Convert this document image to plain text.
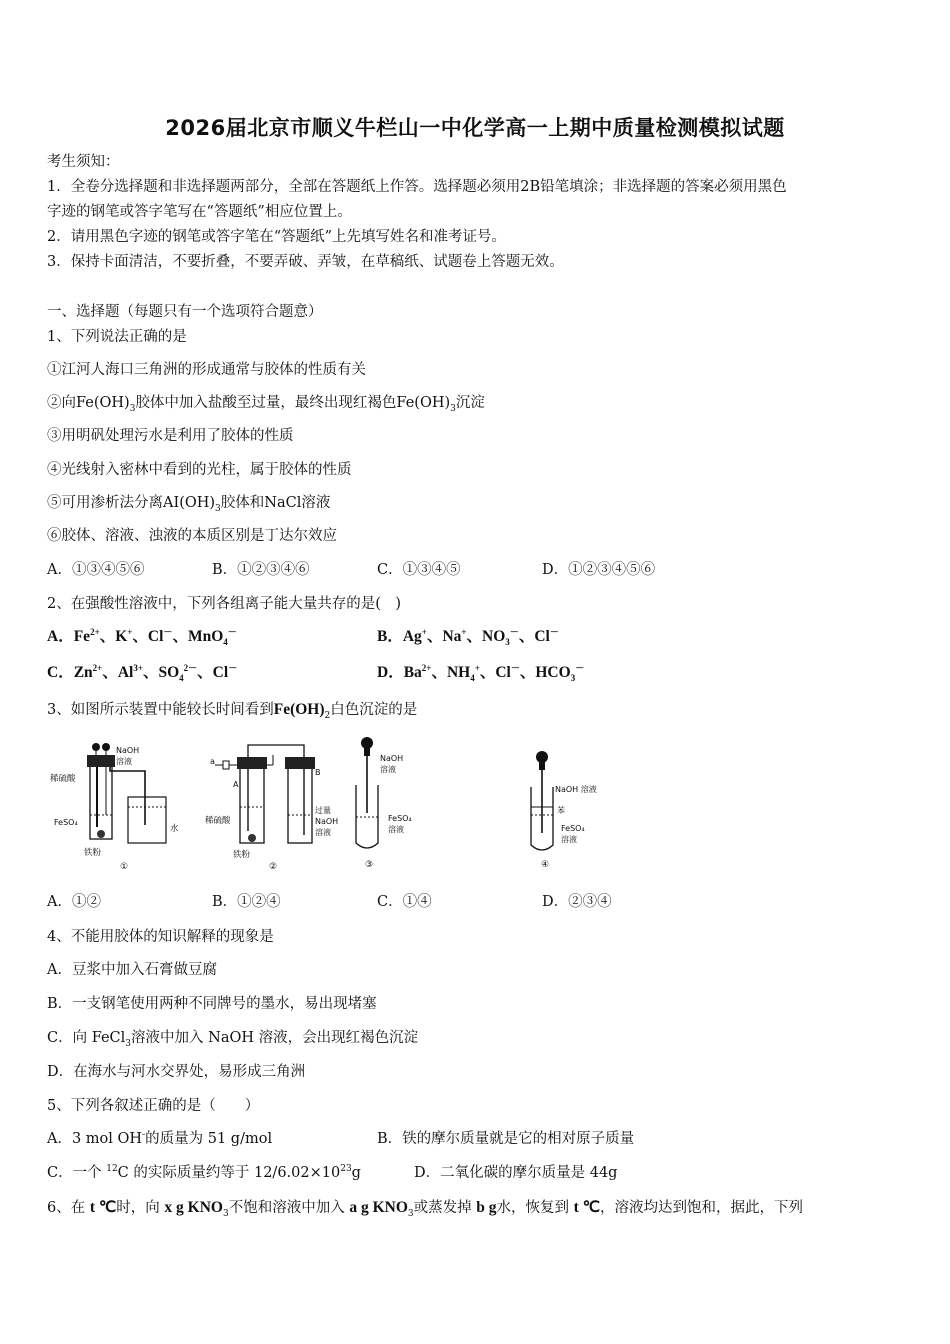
2026届北京市顺义牛栏山一中化学高一上期中质量检测模拟试题
考生须知：
1．全卷分选择题和非选择题两部分，全部在答题纸上作答。选择题必须用2B铅笔填涂；非选择题的答案必须用黑色
字迹的钢笔或答字笔写在“答题纸”相应位置上。
2．请用黑色字迹的钢笔或答字笔在“答题纸”上先填写姓名和准考证号。
3．保持卡面清洁，不要折叠，不要弄破、弄皱，在草稿纸、试题卷上答题无效。
一、选择题（每题只有一个选项符合题意）
1、下列说法正确的是
①江河人海口三角洲的形成通常与胶体的性质有关
②向$Fe(OH)_3$胶体中加入盐酸至过量，最终出现红褐色$Fe(OH)_3$沉淀
③用明矾处理污水是利用了胶体的性质
④光线射入密林中看到的光柱，属于胶体的性质
⑤可用渗析法分离$AI(OH)_3$胶体和NaCl溶液
⑥胶体、溶液、浊液的本质区别是丁达尔效应
A．①③④⑤⑥	B．①②③④⑥	C．①③④⑤	D．①②③④⑤⑥
2、在强酸性溶液中，下列各组离子能大量共存的是(　)
A．$Fe^{2+}$、K+、Cl－、MnO$_4$－	B．Ag+、Na+、$NO_3^-$、Cl－
C．$Zn^{2+}$、$Al^{3+}$、$SO_4^{2-}$、Cl－	D．$Ba^{2+}$、$NH_4^+$、Cl－、$HCO_3^-$
3、如图所示装置中能较长时间看到$Fe(OH)_2$白色沉淀的是
稀硫酸
NaOH
溶液
FeSO₄
铁粉
水
①
a
A
B
稀硫酸
铁粉
过量
NaOH
溶液
②
NaOH
溶液
FeSO₄
溶液
③
NaOH 溶液
苯
FeSO₄
溶液
④
A．①②	B．①②④	C．①④	D．②③④
4、不能用胶体的知识解释的现象是
A．豆浆中加入石膏做豆腐
B．一支钢笔使用两种不同牌号的墨水，易出现堵塞
C．向 FeCl$_3$溶液中加入 NaOH 溶液，会出现红褐色沉淀
D．在海水与河水交界处，易形成三角洲
5、下列各叙述正确的是（　　）
A．3 mol OH-的质量为 51 g/mol	B．铁的摩尔质量就是它的相对原子质量
C．一个 $^{12}$C 的实际质量约等于 $12/6.02\times 10^{23}g$	D．二氧化碳的摩尔质量是 44g
6、在 t ℃时，向 x g $KNO_3$不饱和溶液中加入 a g $KNO_3$或蒸发掉 b g水，恢复到 t ℃，溶液均达到饱和，据此，下列
